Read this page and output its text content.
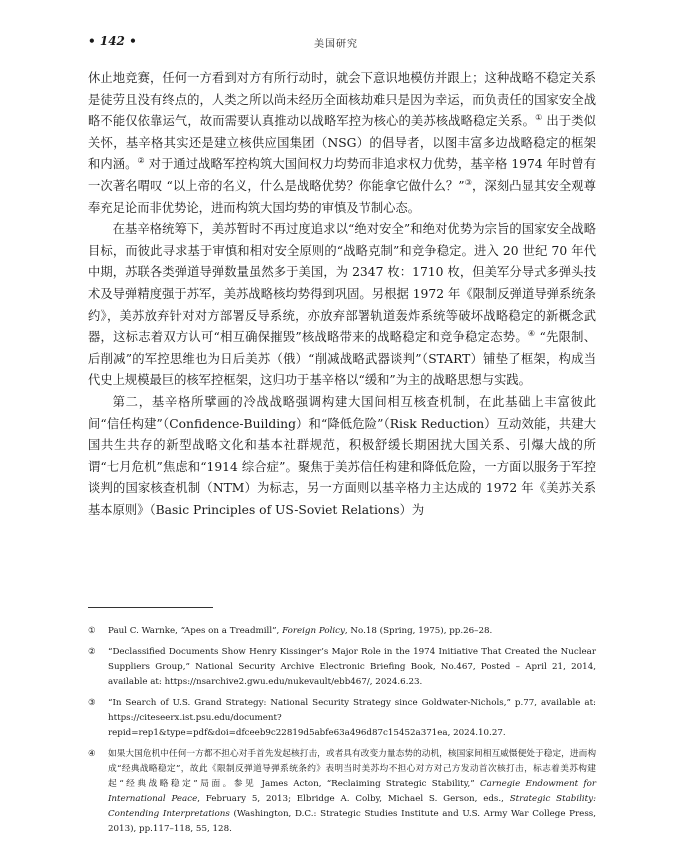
• 142 •	美国研究

休止地竞赛，任何一方看到对方有所行动时，就会下意识地模仿并跟上；这种战略不稳定关系是徒劳且没有终点的，人类之所以尚未经历全面核劫难只是因为幸运，而负责任的国家安全战略不能仅依靠运气，故而需要认真推动以战略军控为核心的美苏核战略稳定关系。① 出于类似关怀，基辛格其实还是建立核供应国集团（NSG）的倡导者，以图丰富多边战略稳定的框架和内涵。② 对于通过战略军控构筑大国间权力均势而非追求权力优势，基辛格 1974 年时曾有一次著名喟叹 “以上帝的名义，什么是战略优势？你能拿它做什么？”③，深刻凸显其安全观尊奉充足论而非优势论，进而构筑大国均势的审慎及节制心态。

在基辛格统筹下，美苏暂时不再过度追求以“绝对安全”和绝对优势为宗旨的国家安全战略目标，而彼此寻求基于审慎和相对安全原则的“战略克制”和竞争稳定。进入 20 世纪 70 年代中期，苏联各类弹道导弹数量虽然多于美国，为 2347 枚：1710 枚，但美军分导式多弹头技术及导弹精度强于苏军，美苏战略核均势得到巩固。另根据 1972 年《限制反弹道导弹系统条约》，美苏放弃针对对方部署反导系统，亦放弃部署轨道轰炸系统等破坏战略稳定的新概念武器，这标志着双方认可“相互确保摧毁”核战略带来的战略稳定和竞争稳定态势。④ “先限制、后削减”的军控思维也为日后美苏（俄）“削减战略武器谈判”（START）铺垫了框架，构成当代史上规模最巨的核军控框架，这归功于基辛格以“缓和”为主的战略思想与实践。

第二，基辛格所擘画的冷战战略强调构建大国间相互核查机制，在此基础上丰富彼此间“信任构建”（Confidence-Building）和“降低危险”（Risk Reduction）互动效能，共建大国共生共存的新型战略文化和基本社群规范，积极舒缓长期困扰大国关系、引爆大战的所谓“七月危机”焦虑和“1914 综合症”。聚焦于美苏信任构建和降低危险，一方面以服务于军控谈判的国家核查机制（NTM）为标志，另一方面则以基辛格力主达成的 1972 年《美苏关系基本原则》（Basic Principles of US-Soviet Relations）为

① Paul C. Warnke, “Apes on a Treadmill”, Foreign Policy, No.18 (Spring, 1975), pp.26–28.
② “Declassified Documents Show Henry Kissinger’s Major Role in the 1974 Initiative That Created the Nuclear Suppliers Group,” National Security Archive Electronic Briefing Book, No.467, Posted – April 21, 2014, available at: https://nsarchive2.gwu.edu/nukevault/ebb467/, 2024.6.23.
③ “In Search of U.S. Grand Strategy: National Security Strategy since Goldwater-Nichols,” p.77, available at: https://citeseerx.ist.psu.edu/document?repid=rep1&type=pdf&doi=dfceeb9c22819d5abfe63a496d87c15452a371ea, 2024.10.27.
④ 如果大国危机中任何一方都不担心对手首先发起核打击，或者具有改变力量态势的动机，核国家间相互威慑便处于稳定，进而构成“经典战略稳定”，故此《限制反弹道导弹系统条约》表明当时美苏均不担心对方对己方发动首次核打击，标志着美苏构建起“经典战略稳定”局面。参见 James Acton, “Reclaiming Strategic Stability,” Carnegie Endowment for International Peace, February 5, 2013; Elbridge A. Colby, Michael S. Gerson, eds., Strategic Stability: Contending Interpretations (Washington, D.C.: Strategic Studies Institute and U.S. Army War College Press, 2013), pp.117–118, 55, 128.
